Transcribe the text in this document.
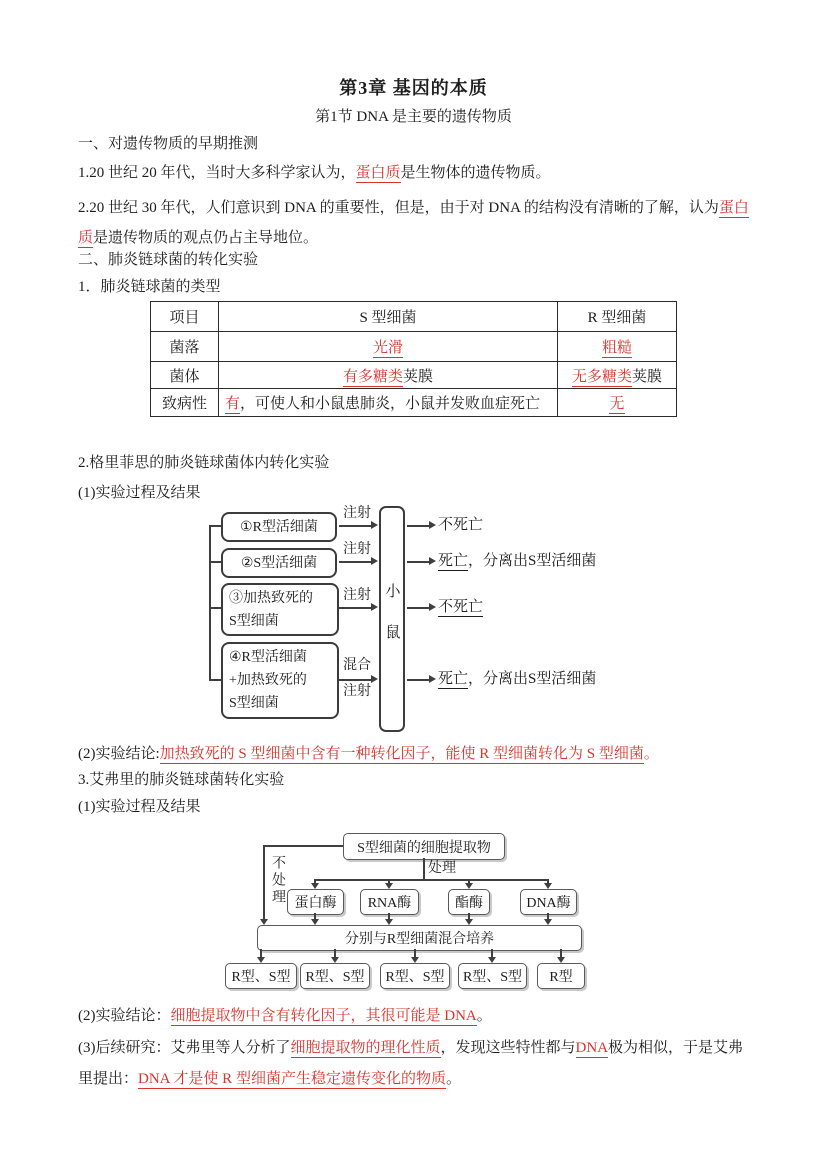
第3章 基因的本质
第1节 DNA 是主要的遗传物质
一、对遗传物质的早期推测
1.20 世纪 20 年代，当时大多科学家认为，蛋白质是生物体的遗传物质。
2.20 世纪 30 年代，人们意识到 DNA 的重要性，但是，由于对 DNA 的结构没有清晰的了解，认为蛋白质是遗传物质的观点仍占主导地位。
二、肺炎链球菌的转化实验
1．肺炎链球菌的类型
项目	S 型细菌	R 型细菌
菌落	光滑	粗糙
菌体	有多糖类荚膜	无多糖类荚膜
致病性	有，可使人和小鼠患肺炎，小鼠并发败血症死亡	无
2.格里菲思的肺炎链球菌体内转化实验
(1)实验过程及结果
①R型活细菌
②S型活细菌
③加热致死的
S型细菌
④R型活细菌
+加热致死的
S型细菌
注射
注射
注射
混合
注射
小鼠
不死亡
死亡，分离出S型活细菌
不死亡
死亡，分离出S型活细菌
(2)实验结论:加热致死的 S 型细菌中含有一种转化因子，能使 R 型细菌转化为 S 型细菌。
3.艾弗里的肺炎链球菌转化实验
(1)实验过程及结果
S型细菌的细胞提取物
处理
不处理 蛋白酶	RNA酶	酯酶	DNA酶
分别与R型细菌混合培养
R型、S型	R型、S型	R型、S型	R型、S型	R型
(2)实验结论：细胞提取物中含有转化因子，其很可能是 DNA。
(3)后续研究：艾弗里等人分析了细胞提取物的理化性质，发现这些特性都与DNA极为相似，于是艾弗里提出：DNA 才是使 R 型细菌产生稳定遗传变化的物质。
